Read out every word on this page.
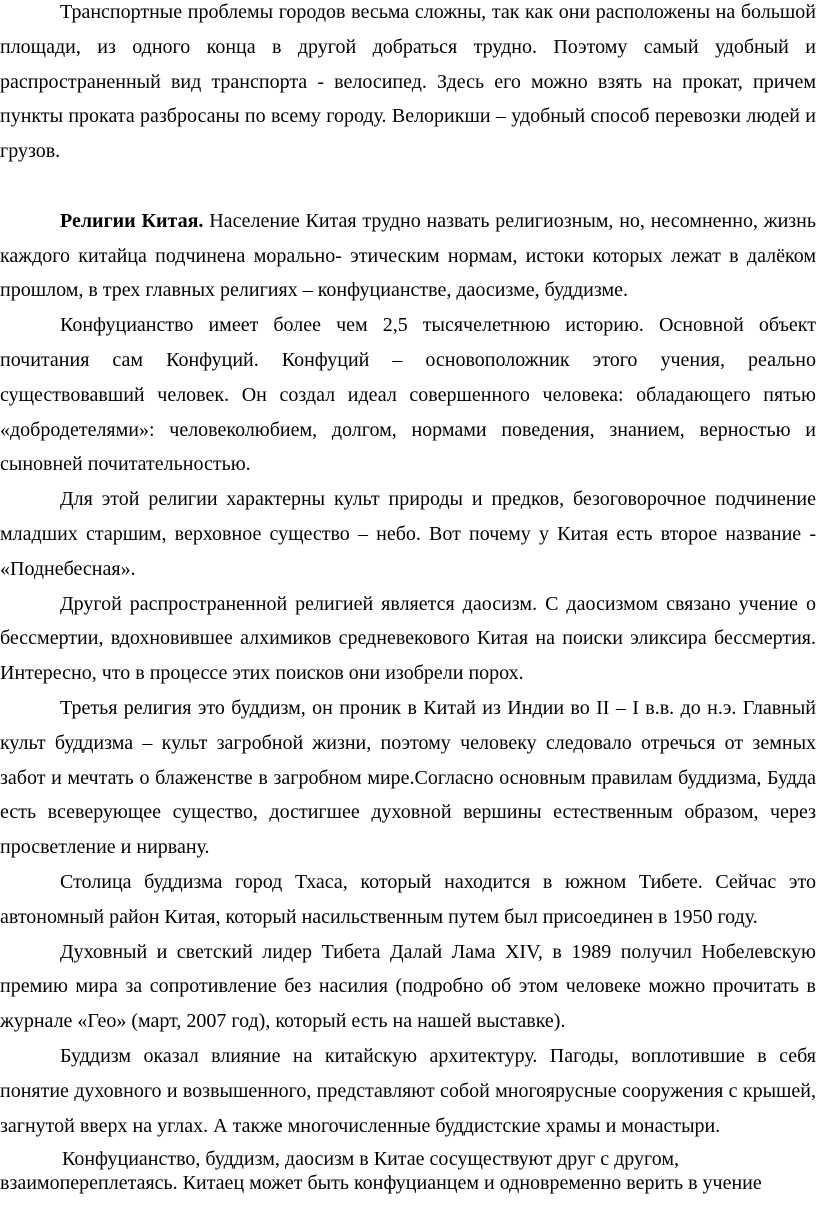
Транспортные проблемы городов весьма сложны, так как они расположены на большой площади, из одного конца в другой добраться трудно. Поэтому самый удобный и распространенный вид транспорта - велосипед. Здесь его можно взять на прокат, причем пункты проката разбросаны по всему городу. Велорикши – удобный способ перевозки людей и грузов.

Религии Китая. Население Китая трудно назвать религиозным, но, несомненно, жизнь каждого китайца подчинена морально- этическим нормам, истоки которых лежат в далёком прошлом, в трех главных религиях – конфуцианстве, даосизме, буддизме.

Конфуцианство имеет более чем 2,5 тысячелетнюю историю. Основной объект почитания сам Конфуций. Конфуций – основоположник этого учения, реально существовавший человек. Он создал идеал совершенного человека: обладающего пятью «добродетелями»: человеколюбием, долгом, нормами поведения, знанием, верностью и сыновней почитательностью.

Для этой религии характерны культ природы и предков, безоговорочное подчинение младших старшим, верховное существо – небо. Вот почему у Китая есть второе название - «Поднебесная».

Другой распространенной религией является даосизм. С даосизмом связано учение о бессмертии, вдохновившее алхимиков средневекового Китая на поиски эликсира бессмертия. Интересно, что в процессе этих поисков они изобрели порох.

Третья религия это буддизм, он проник в Китай из Индии во II – I в.в. до н.э. Главный культ буддизма – культ загробной жизни, поэтому человеку следовало отречься от земных забот и мечтать о блаженстве в загробном мире.Согласно основным правилам буддизма, Будда есть всеверующее существо, достигшее духовной вершины естественным образом, через просветление и нирвану.

Столица буддизма город Тхаса, который находится в южном Тибете. Сейчас это автономный район Китая, который насильственным путем был присоединен в 1950 году.

Духовный и светский лидер Тибета Далай Лама XIV, в 1989 получил Нобелевскую премию мира за сопротивление без насилия (подробно об этом человеке можно прочитать в журнале «Гео» (март, 2007 год), который есть на нашей выставке).

Буддизм оказал влияние на китайскую архитектуру. Пагоды, воплотившие в себя понятие духовного и возвышенного, представляют собой многоярусные сооружения с крышей, загнутой вверх на углах. А также многочисленные буддистские храмы и монастыри.

Конфуцианство, буддизм, даосизм в Китае сосуществуют друг с другом, взаимопереплетаясь. Китаец может быть конфуцианцем и одновременно верить в учение
